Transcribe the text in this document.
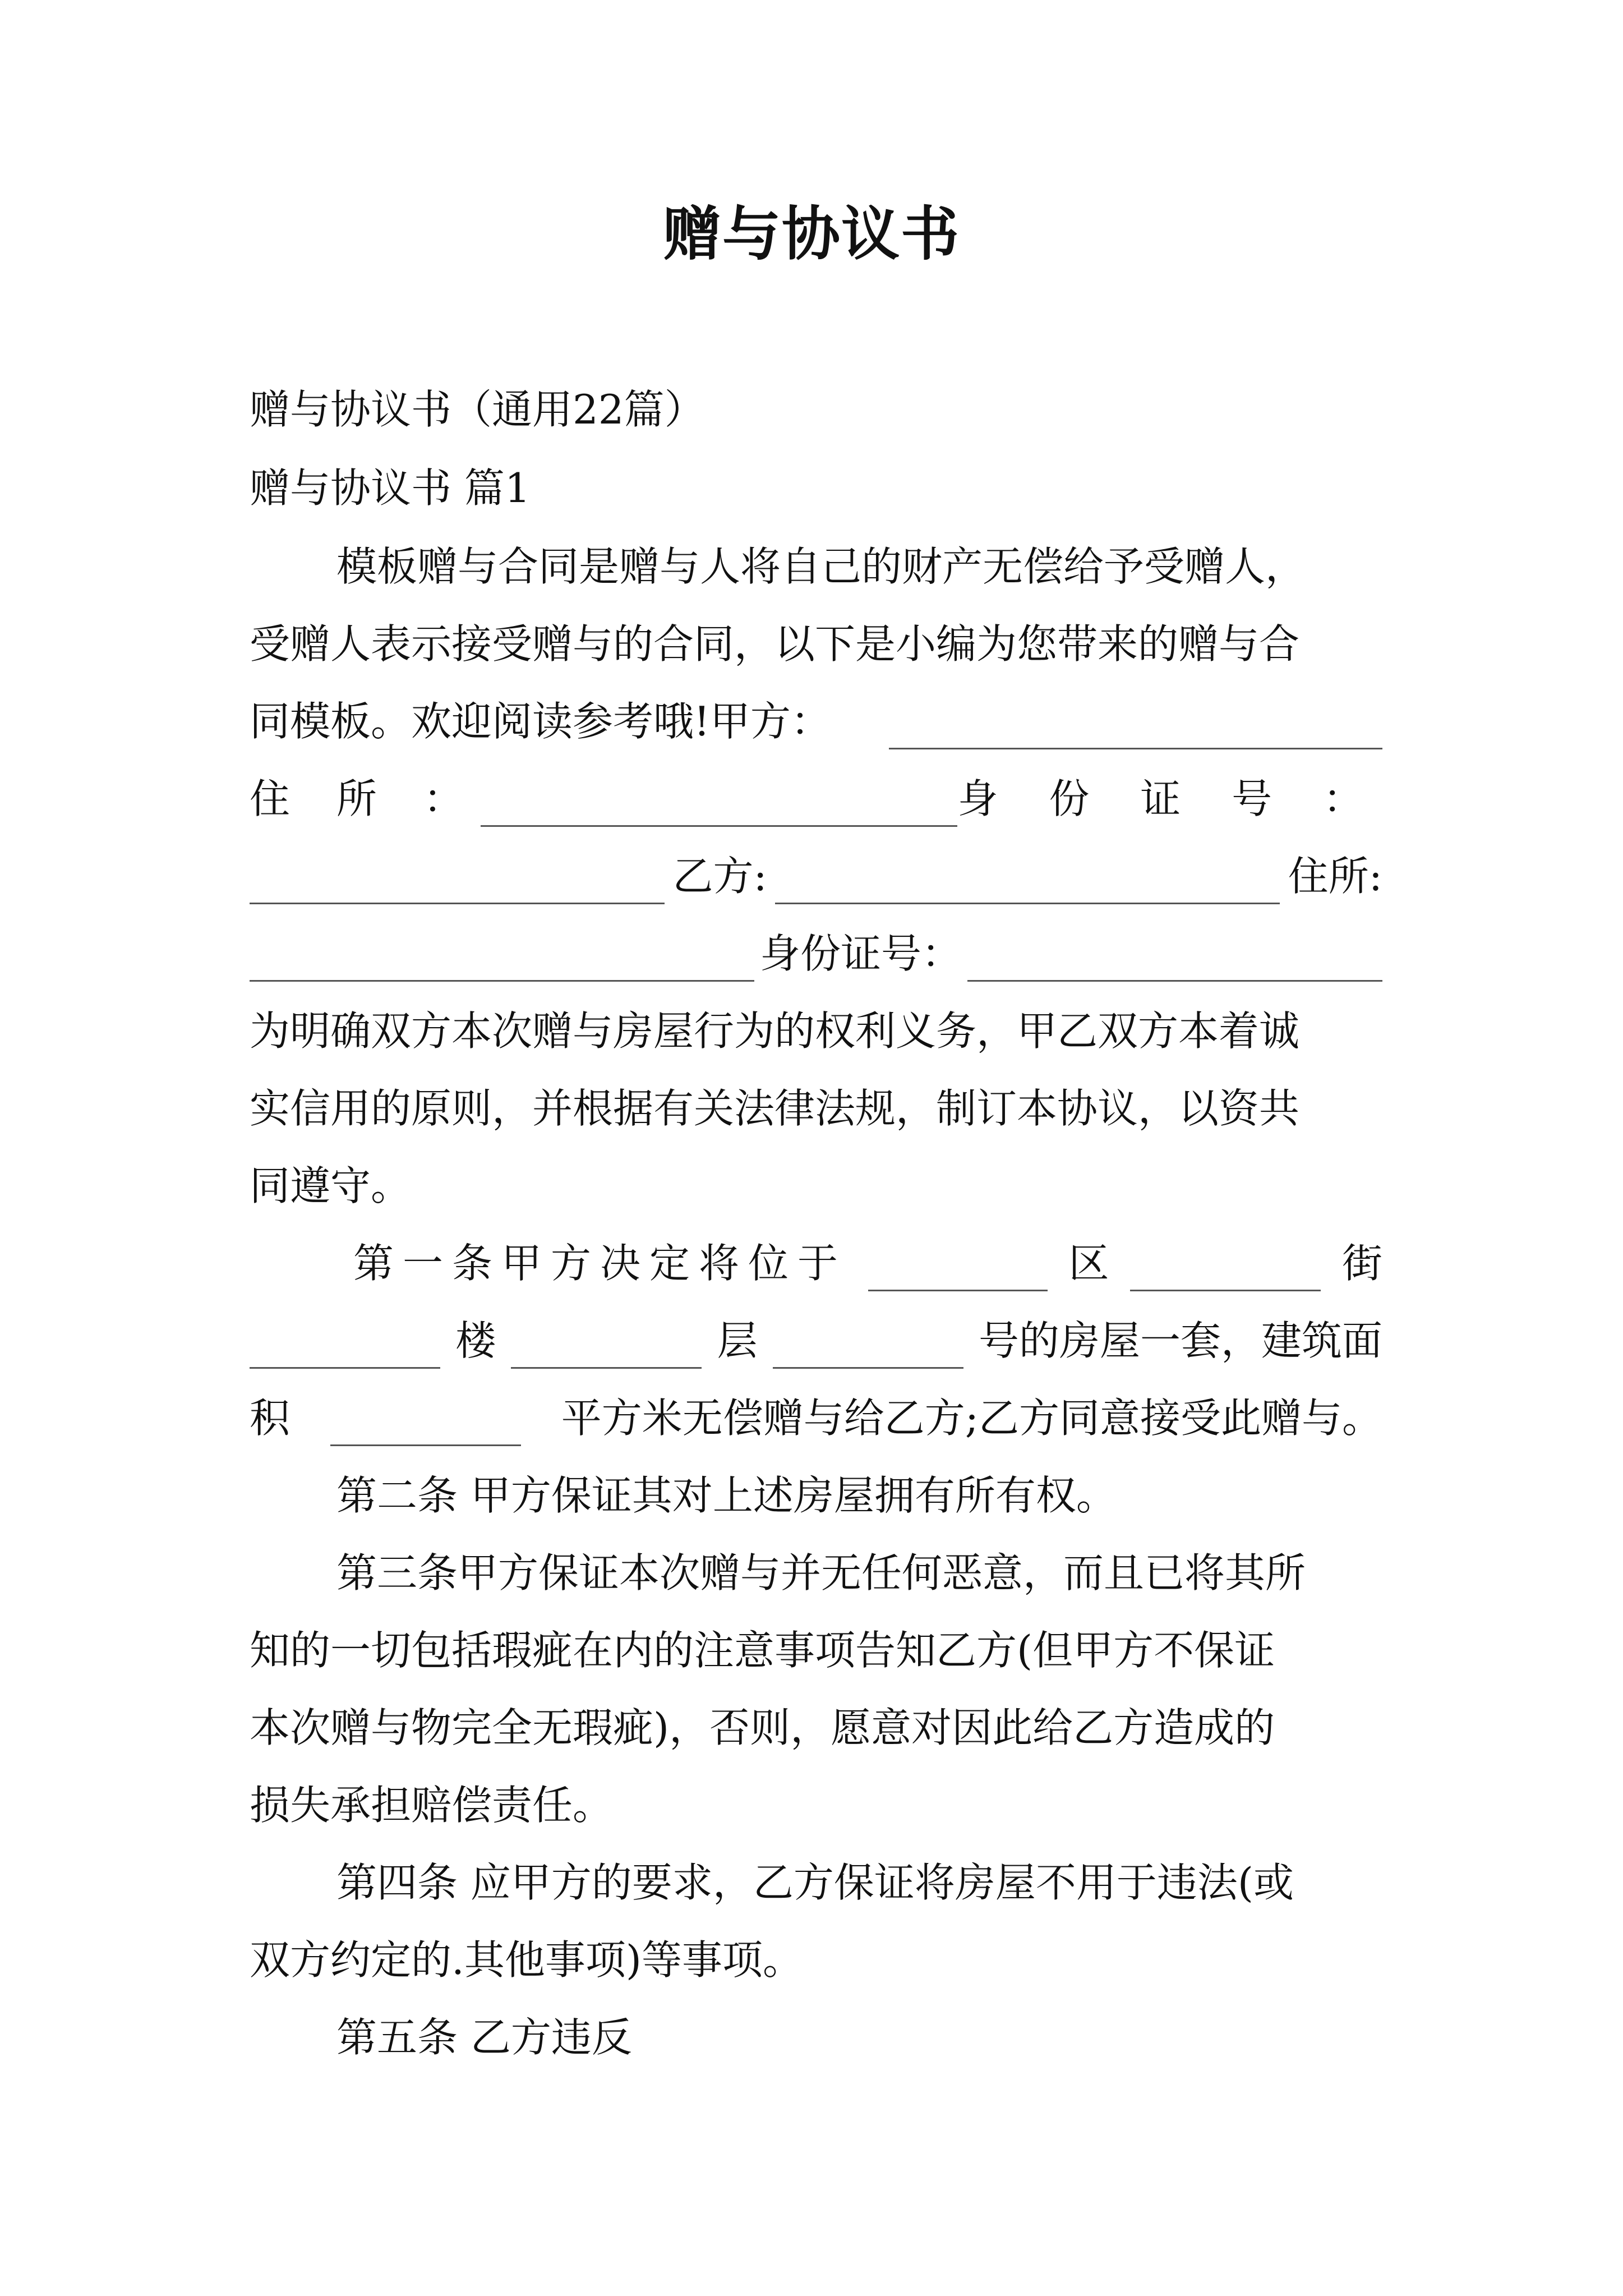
赠与协议书

赠与协议书（通用22篇）

赠与协议书 篇1

模板赠与合同是赠与人将自己的财产无偿给予受赠人，

受赠人表示接受赠与的合同，以下是小编为您带来的赠与合

同模板。欢迎阅读参考哦!甲方：
住 所 ：	身 份 证 号 ：
乙方:	住所:
身份证号：

为明确双方本次赠与房屋行为的权利义务，甲乙双方本着诚

实信用的原则，并根据有关法律法规，制订本协议，以资共

同遵守。

第一条甲方决定将位于	区	街
楼	层	号的房屋一套，建筑面
积	平方米无偿赠与给乙方;乙方同意接受此赠与。

第二条 甲方保证其对上述房屋拥有所有权。

第三条甲方保证本次赠与并无任何恶意，而且已将其所

知的一切包括瑕疵在内的注意事项告知乙方(但甲方不保证

本次赠与物完全无瑕疵)，否则，愿意对因此给乙方造成的

损失承担赔偿责任。

第四条 应甲方的要求，乙方保证将房屋不用于违法(或

双方约定的.其他事项)等事项。

第五条 乙方违反
